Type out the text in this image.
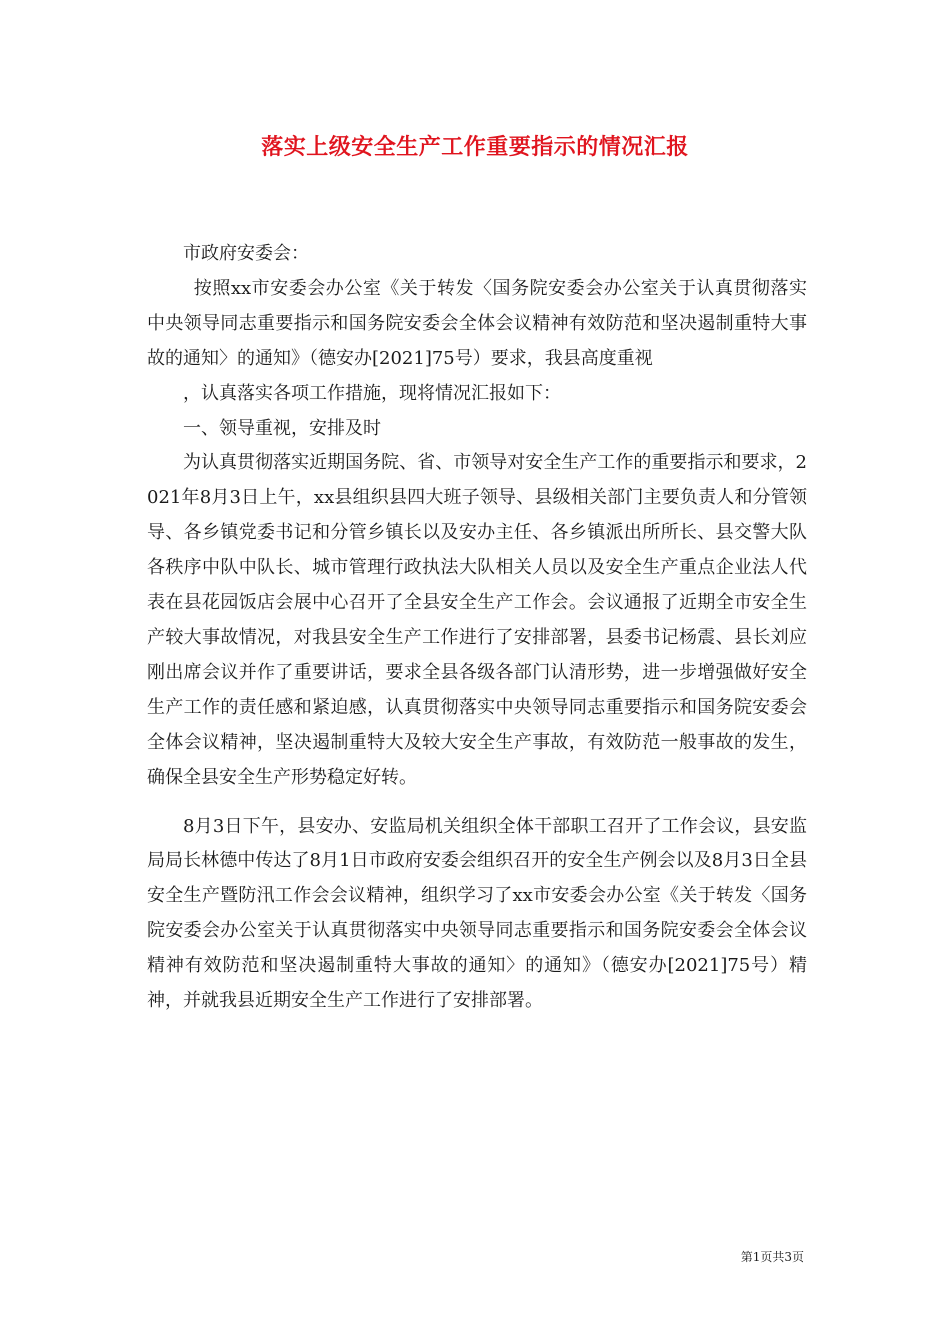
落实上级安全生产工作重要指示的情况汇报

市政府安委会：

按照xx市安委会办公室《关于转发〈国务院安委会办公室关于认真贯彻落实中央领导同志重要指示和国务院安委会全体会议精神有效防范和坚决遏制重特大事故的通知〉的通知》（德安办[2021]75号）要求，我县高度重视

，认真落实各项工作措施，现将情况汇报如下：

一、领导重视，安排及时

为认真贯彻落实近期国务院、省、市领导对安全生产工作的重要指示和要求，2021年8月3日上午，xx县组织县四大班子领导、县级相关部门主要负责人和分管领导、各乡镇党委书记和分管乡镇长以及安办主任、各乡镇派出所所长、县交警大队各秩序中队中队长、城市管理行政执法大队相关人员以及安全生产重点企业法人代表在县花园饭店会展中心召开了全县安全生产工作会。会议通报了近期全市安全生产较大事故情况，对我县安全生产工作进行了安排部署，县委书记杨震、县长刘应刚出席会议并作了重要讲话，要求全县各级各部门认清形势，进一步增强做好安全生产工作的责任感和紧迫感，认真贯彻落实中央领导同志重要指示和国务院安委会全体会议精神，坚决遏制重特大及较大安全生产事故，有效防范一般事故的发生，确保全县安全生产形势稳定好转。

8月3日下午，县安办、安监局机关组织全体干部职工召开了工作会议，县安监局局长林德中传达了8月1日市政府安委会组织召开的安全生产例会以及8月3日全县安全生产暨防汛工作会会议精神，组织学习了xx市安委会办公室《关于转发〈国务院安委会办公室关于认真贯彻落实中央领导同志重要指示和国务院安委会全体会议精神有效防范和坚决遏制重特大事故的通知〉的通知》（德安办[2021]75号）精神，并就我县近期安全生产工作进行了安排部署。

第1页共3页
